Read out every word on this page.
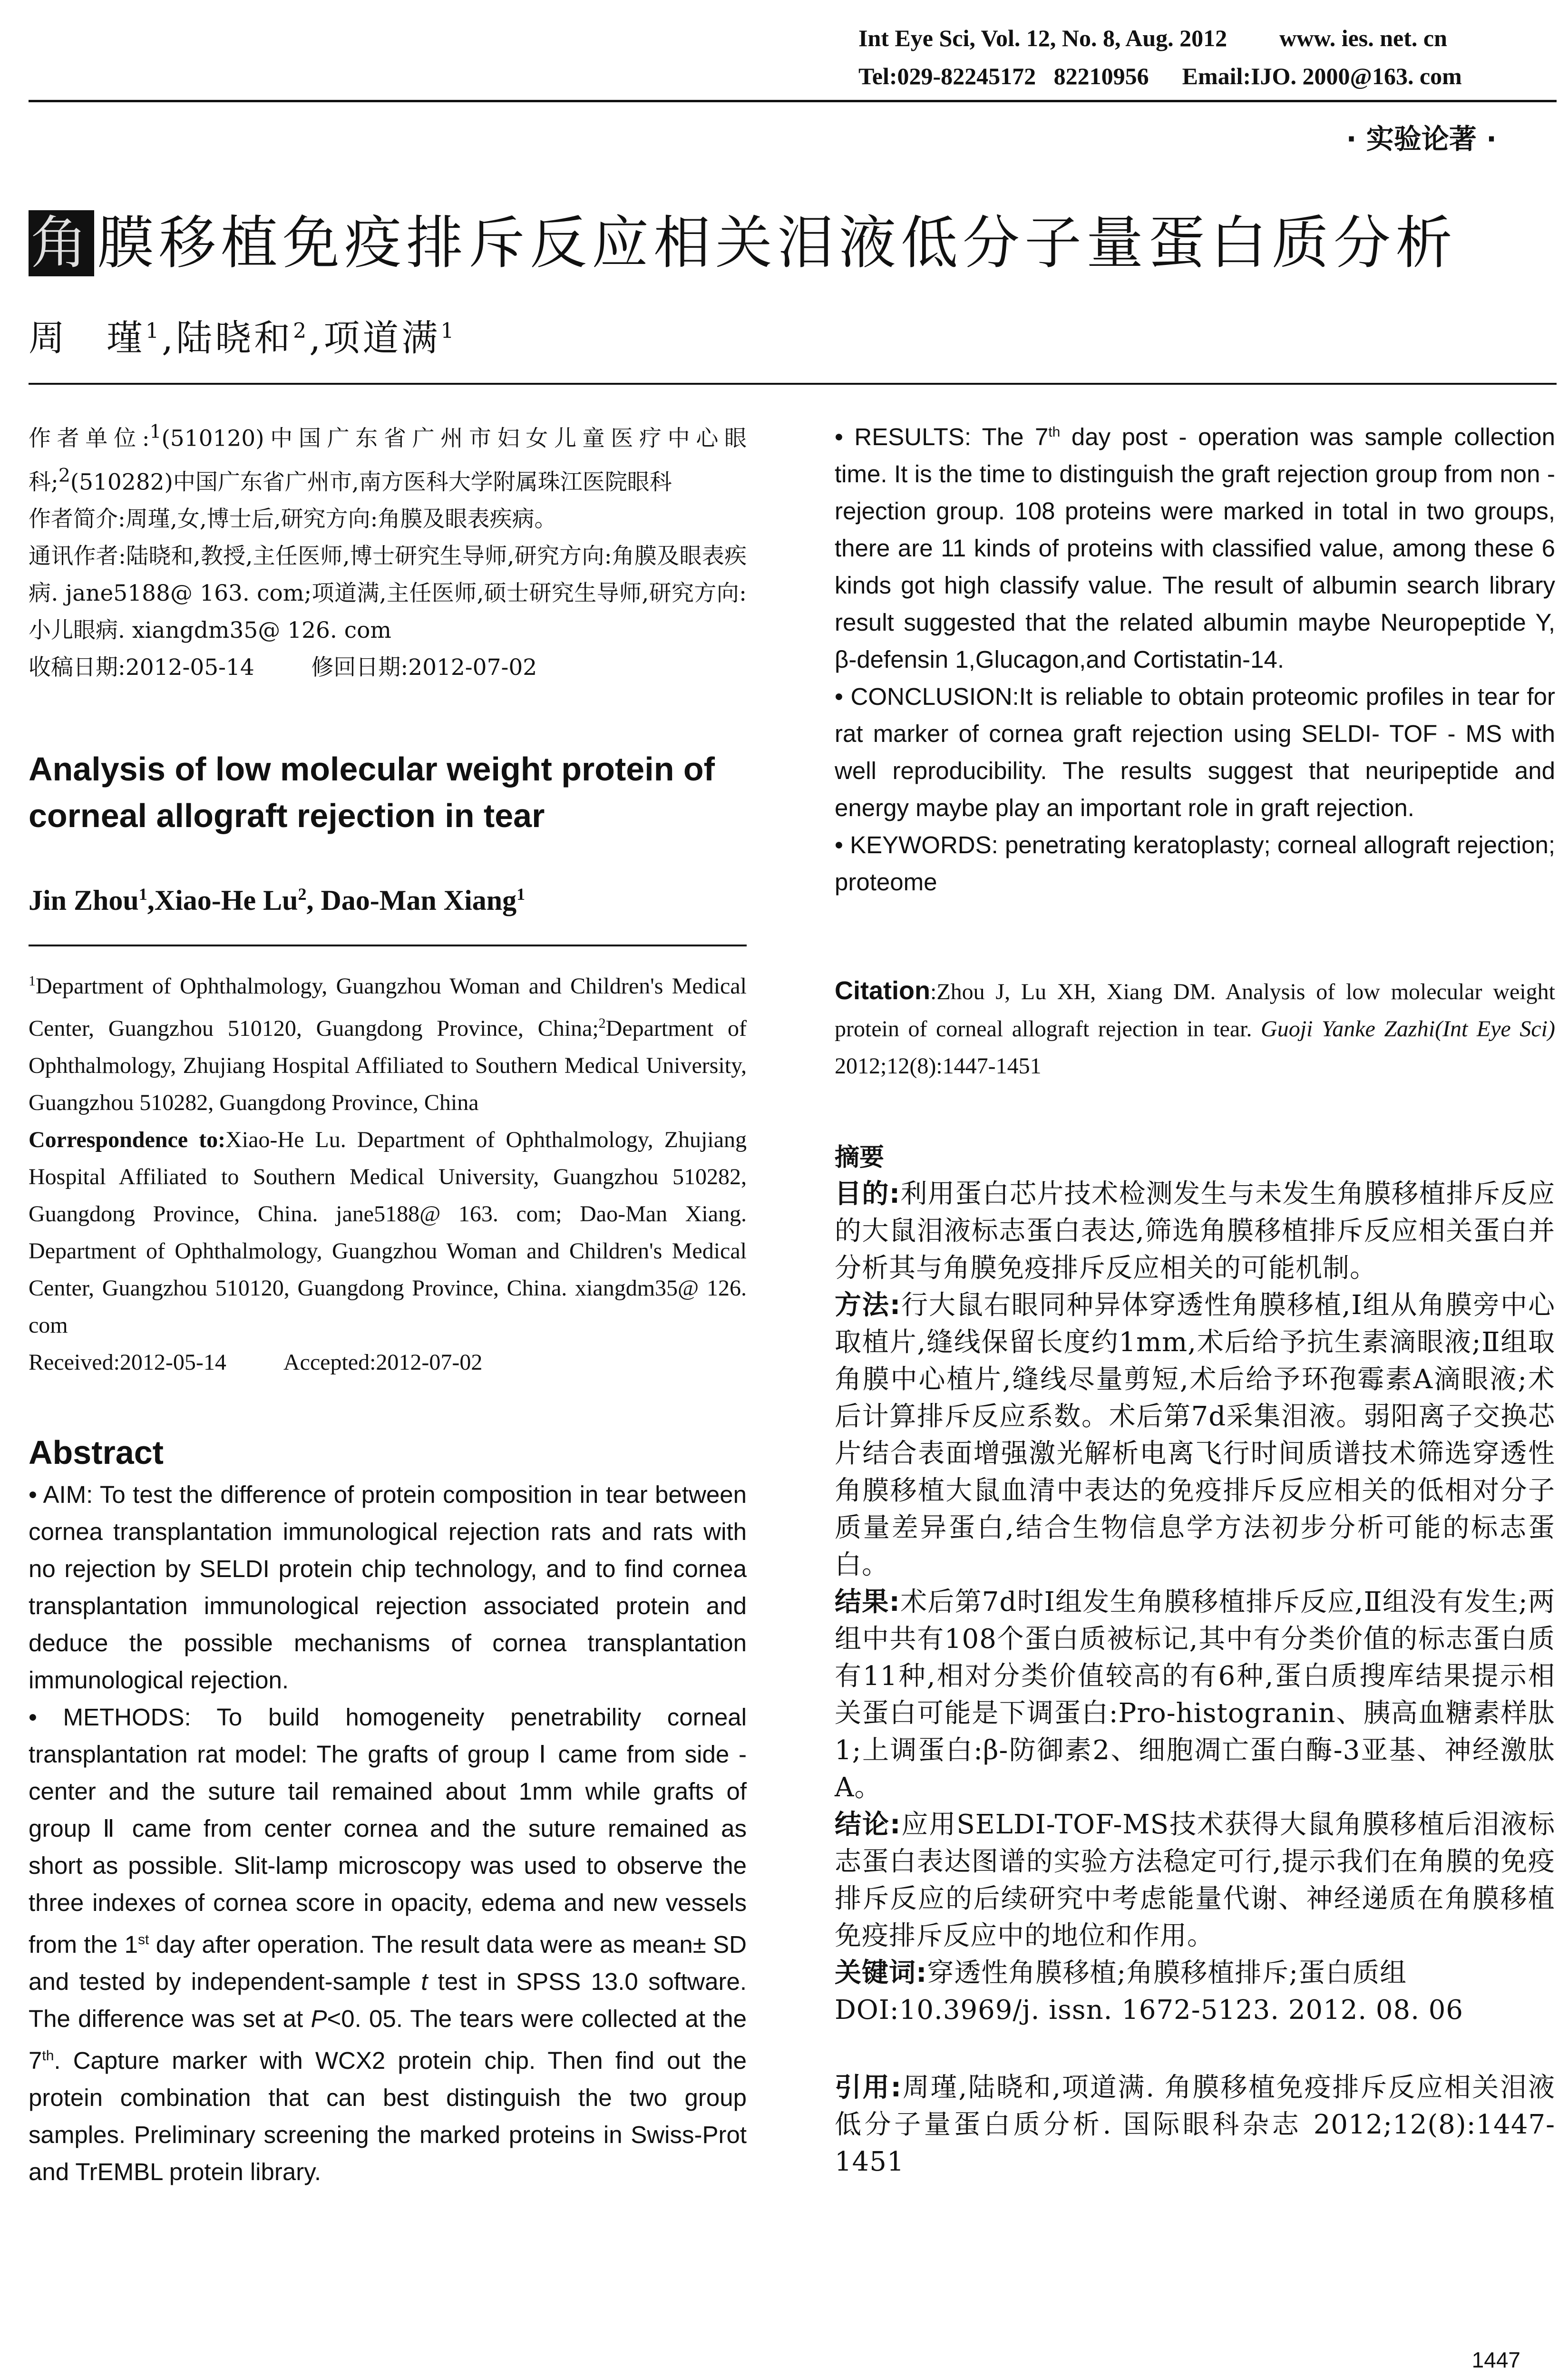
Int Eye Sci, Vol. 12, No. 8, Aug. 2012 www. ies. net. cn
Tel:029-82245172 82210956 Email:IJO. 2000@163. com
· 实验论著 ·
角膜移植免疫排斥反应相关泪液低分子量蛋白质分析
周　瑾$^1$,陆晓和$^2$,项道满$^1$

作者单位:$^1$(510120)中国广东省广州市妇女儿童医疗中心眼科;$^2$(510282)中国广东省广州市,南方医科大学附属珠江医院眼科

作者简介:周瑾,女,博士后,研究方向:角膜及眼表疾病。

通讯作者:陆晓和,教授,主任医师,博士研究生导师,研究方向:角膜及眼表疾病. jane5188@ 163. com;项道满,主任医师,硕士研究生导师,研究方向:小儿眼病. xiangdm35@ 126. com

收稿日期:2012-05-14	修回日期:2012-07-02

Analysis of low molecular weight protein of corneal allograft rejection in tear

Jin Zhou$^1$,Xiao-He Lu$^2$, Dao-Man Xiang$^1$

$^1$Department of Ophthalmology, Guangzhou Woman and Children's Medical Center, Guangzhou 510120, Guangdong Province, China;$^2$Department of Ophthalmology, Zhujiang Hospital Affiliated to Southern Medical University, Guangzhou 510282, Guangdong Province, China

Correspondence to:Xiao-He Lu. Department of Ophthalmology, Zhujiang Hospital Affiliated to Southern Medical University, Guangzhou 510282, Guangdong Province, China. jane5188@ 163. com; Dao-Man Xiang. Department of Ophthalmology, Guangzhou Woman and Children's Medical Center, Guangzhou 510120, Guangdong Province, China. xiangdm35@ 126. com

Received:2012-05-14	Accepted:2012-07-02

Abstract

• AIM: To test the difference of protein composition in tear between cornea transplantation immunological rejection rats and rats with no rejection by SELDI protein chip technology, and to find cornea transplantation immunological rejection associated protein and deduce the possible mechanisms of cornea transplantation immunological rejection.

• METHODS: To build homogeneity penetrability corneal transplantation rat model: The grafts of group Ⅰ came from side - center and the suture tail remained about 1mm while grafts of group Ⅱ came from center cornea and the suture remained as short as possible. Slit-lamp microscopy was used to observe the three indexes of cornea score in opacity, edema and new vessels from the 1st day after operation. The result data were as mean± SD and tested by independent-sample t test in SPSS 13.0 software. The difference was set at P<0. 05. The tears were collected at the 7th. Capture marker with WCX2 protein chip. Then find out the protein combination that can best distinguish the two group samples. Preliminary screening the marked proteins in Swiss-Prot and TrEMBL protein library.

• RESULTS: The 7th day post - operation was sample collection time. It is the time to distinguish the graft rejection group from non - rejection group. 108 proteins were marked in total in two groups, there are 11 kinds of proteins with classified value, among these 6 kinds got high classify value. The result of albumin search library result suggested that the related albumin maybe Neuropeptide Y, β-defensin 1,Glucagon,and Cortistatin-14.

• CONCLUSION:It is reliable to obtain proteomic profiles in tear for rat marker of cornea graft rejection using SELDI- TOF - MS with well reproducibility. The results suggest that neuripeptide and energy maybe play an important role in graft rejection.

• KEYWORDS: penetrating keratoplasty; corneal allograft rejection; proteome

Citation:Zhou J, Lu XH, Xiang DM. Analysis of low molecular weight protein of corneal allograft rejection in tear. Guoji Yanke Zazhi(Int Eye Sci) 2012;12(8):1447-1451

摘要

目的:利用蛋白芯片技术检测发生与未发生角膜移植排斥反应的大鼠泪液标志蛋白表达,筛选角膜移植排斥反应相关蛋白并分析其与角膜免疫排斥反应相关的可能机制。

方法:行大鼠右眼同种异体穿透性角膜移植,Ⅰ组从角膜旁中心取植片,缝线保留长度约1mm,术后给予抗生素滴眼液;Ⅱ组取角膜中心植片,缝线尽量剪短,术后给予环孢霉素A滴眼液;术后计算排斥反应系数。术后第7d采集泪液。弱阳离子交换芯片结合表面增强激光解析电离飞行时间质谱技术筛选穿透性角膜移植大鼠血清中表达的免疫排斥反应相关的低相对分子质量差异蛋白,结合生物信息学方法初步分析可能的标志蛋白。

结果:术后第7d时Ⅰ组发生角膜移植排斥反应,Ⅱ组没有发生;两组中共有108个蛋白质被标记,其中有分类价值的标志蛋白质有11种,相对分类价值较高的有6种,蛋白质搜库结果提示相关蛋白可能是下调蛋白:Pro-histogranin、胰高血糖素样肽1;上调蛋白:β-防御素2、细胞凋亡蛋白酶-3亚基、神经激肽A。

结论:应用SELDI-TOF-MS技术获得大鼠角膜移植后泪液标志蛋白表达图谱的实验方法稳定可行,提示我们在角膜的免疫排斥反应的后续研究中考虑能量代谢、神经递质在角膜移植免疫排斥反应中的地位和作用。

关键词:穿透性角膜移植;角膜移植排斥;蛋白质组

DOI:10.3969/j. issn. 1672-5123. 2012. 08. 06

引用:周瑾,陆晓和,项道满. 角膜移植免疫排斥反应相关泪液低分子量蛋白质分析. 国际眼科杂志 2012;12(8):1447-1451

1447
